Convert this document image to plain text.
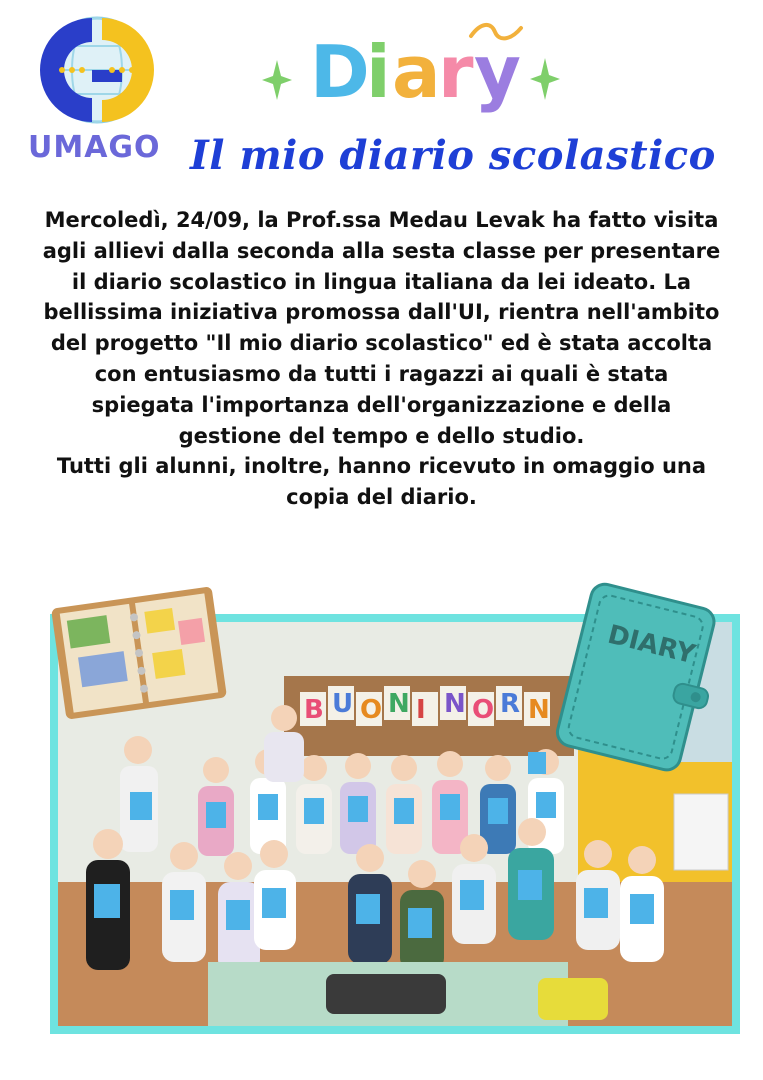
UMAGO
D
i a
r y
Il mio diario scolastico

Mercoledì, 24/09, la Prof.ssa Medau Levak ha fatto visita agli allievi dalla seconda alla sesta classe per presentare il diario scolastico in lingua italiana da lei ideato. La bellissima iniziativa promossa dall'UI, rientra nell'ambito del progetto "Il mio diario scolastico" ed è stata accolta con entusiasmo da tutti i ragazzi ai quali è stata spiegata l'importanza dell'organizzazione e della gestione del tempo e dello studio.

Tutti gli alunni, inoltre, hanno ricevuto in omaggio una copia del diario.

B U O N I N O R N
DIARY
